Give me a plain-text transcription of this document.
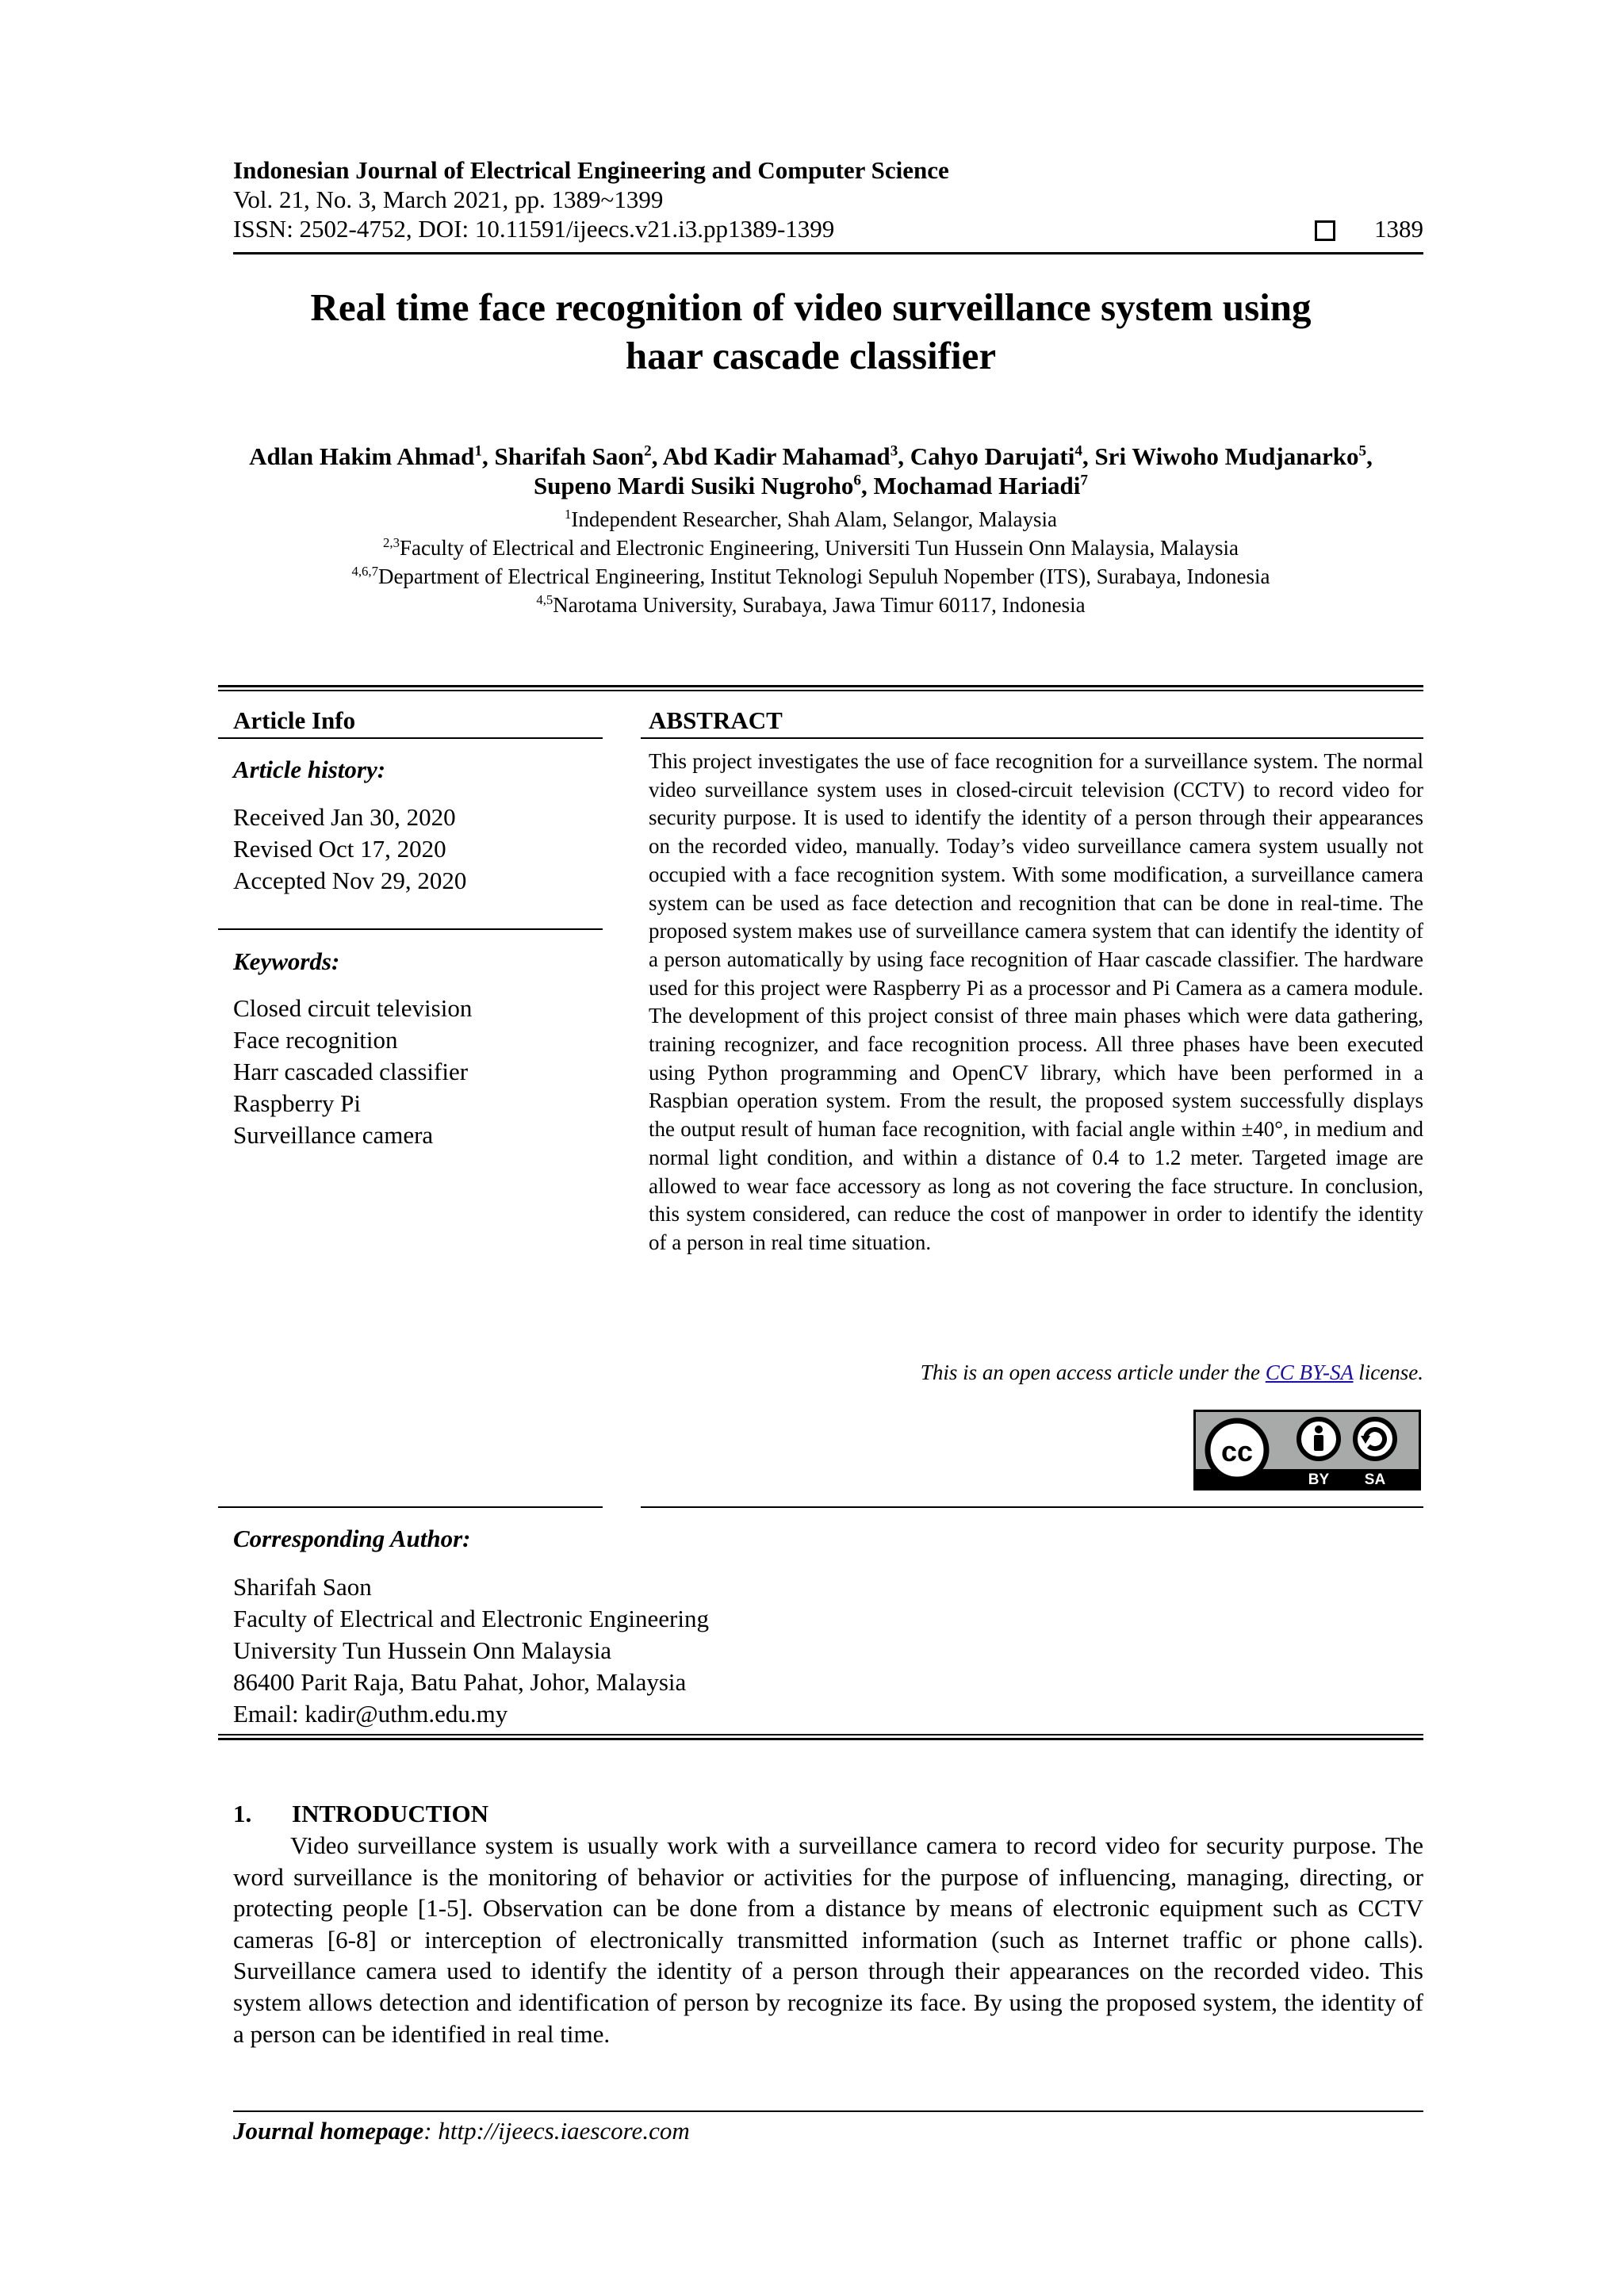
Indonesian Journal of Electrical Engineering and Computer Science
Vol. 21, No. 3, March 2021, pp. 1389~1399
ISSN: 2502-4752, DOI: 10.11591/ijeecs.v21.i3.pp1389-1399	1389
Real time face recognition of video surveillance system using
haar cascade classifier
Adlan Hakim Ahmad$^1$, Sharifah Saon$^2$, Abd Kadir Mahamad$^3$, Cahyo Darujati$^4$, Sri Wiwoho Mudjanarko$^5$, Supeno Mardi Susiki Nugroho$^6$, Mochamad Hariadi$^7$
$^1$Independent Researcher, Shah Alam, Selangor, Malaysia
$^{2,3}$Faculty of Electrical and Electronic Engineering, Universiti Tun Hussein Onn Malaysia, Malaysia
$^{4,6,7}$Department of Electrical Engineering, Institut Teknologi Sepuluh Nopember (ITS), Surabaya, Indonesia
$^{4,5}$Narotama University, Surabaya, Jawa Timur 60117, Indonesia
Article Info
Article history:
Received Jan 30, 2020
Revised Oct 17, 2020
Accepted Nov 29, 2020
Keywords:
Closed circuit television
Face recognition
Harr cascaded classifier
Raspberry Pi
Surveillance camera
ABSTRACT

This project investigates the use of face recognition for a surveillance system. The normal video surveillance system uses in closed-circuit television (CCTV) to record video for security purpose. It is used to identify the identity of a person through their appearances on the recorded video, manually. Today’s video surveillance camera system usually not occupied with a face recognition system. With some modification, a surveillance camera system can be used as face detection and recognition that can be done in real-time. The proposed system makes use of surveillance camera system that can identify the identity of a person automatically by using face recognition of Haar cascade classifier. The hardware used for this project were Raspberry Pi as a processor and Pi Camera as a camera module. The development of this project consist of three main phases which were data gathering, training recognizer, and face recognition process. All three phases have been executed using Python programming and OpenCV library, which have been performed in a Raspbian operation system. From the result, the proposed system successfully displays the output result of human face recognition, with facial angle within ±40°, in medium and normal light condition, and within a distance of 0.4 to 1.2 meter. Targeted image are allowed to wear face accessory as long as not covering the face structure. In conclusion, this system considered, can reduce the cost of manpower in order to identify the identity of a person in real time situation.

This is an open access article under the CC BY-SA license.
cc
BY SA
Corresponding Author:
Sharifah Saon
Faculty of Electrical and Electronic Engineering
University Tun Hussein Onn Malaysia
86400 Parit Raja, Batu Pahat, Johor, Malaysia
Email: kadir@uthm.edu.my
1. INTRODUCTION

Video surveillance system is usually work with a surveillance camera to record video for security purpose. The word surveillance is the monitoring of behavior or activities for the purpose of influencing, managing, directing, or protecting people [1-5]. Observation can be done from a distance by means of electronic equipment such as CCTV cameras [6-8] or interception of electronically transmitted information (such as Internet traffic or phone calls). Surveillance camera used to identify the identity of a person through their appearances on the recorded video. This system allows detection and identification of person by recognize its face. By using the proposed system, the identity of a person can be identified in real time.

Journal homepage: http://ijeecs.iaescore.com
